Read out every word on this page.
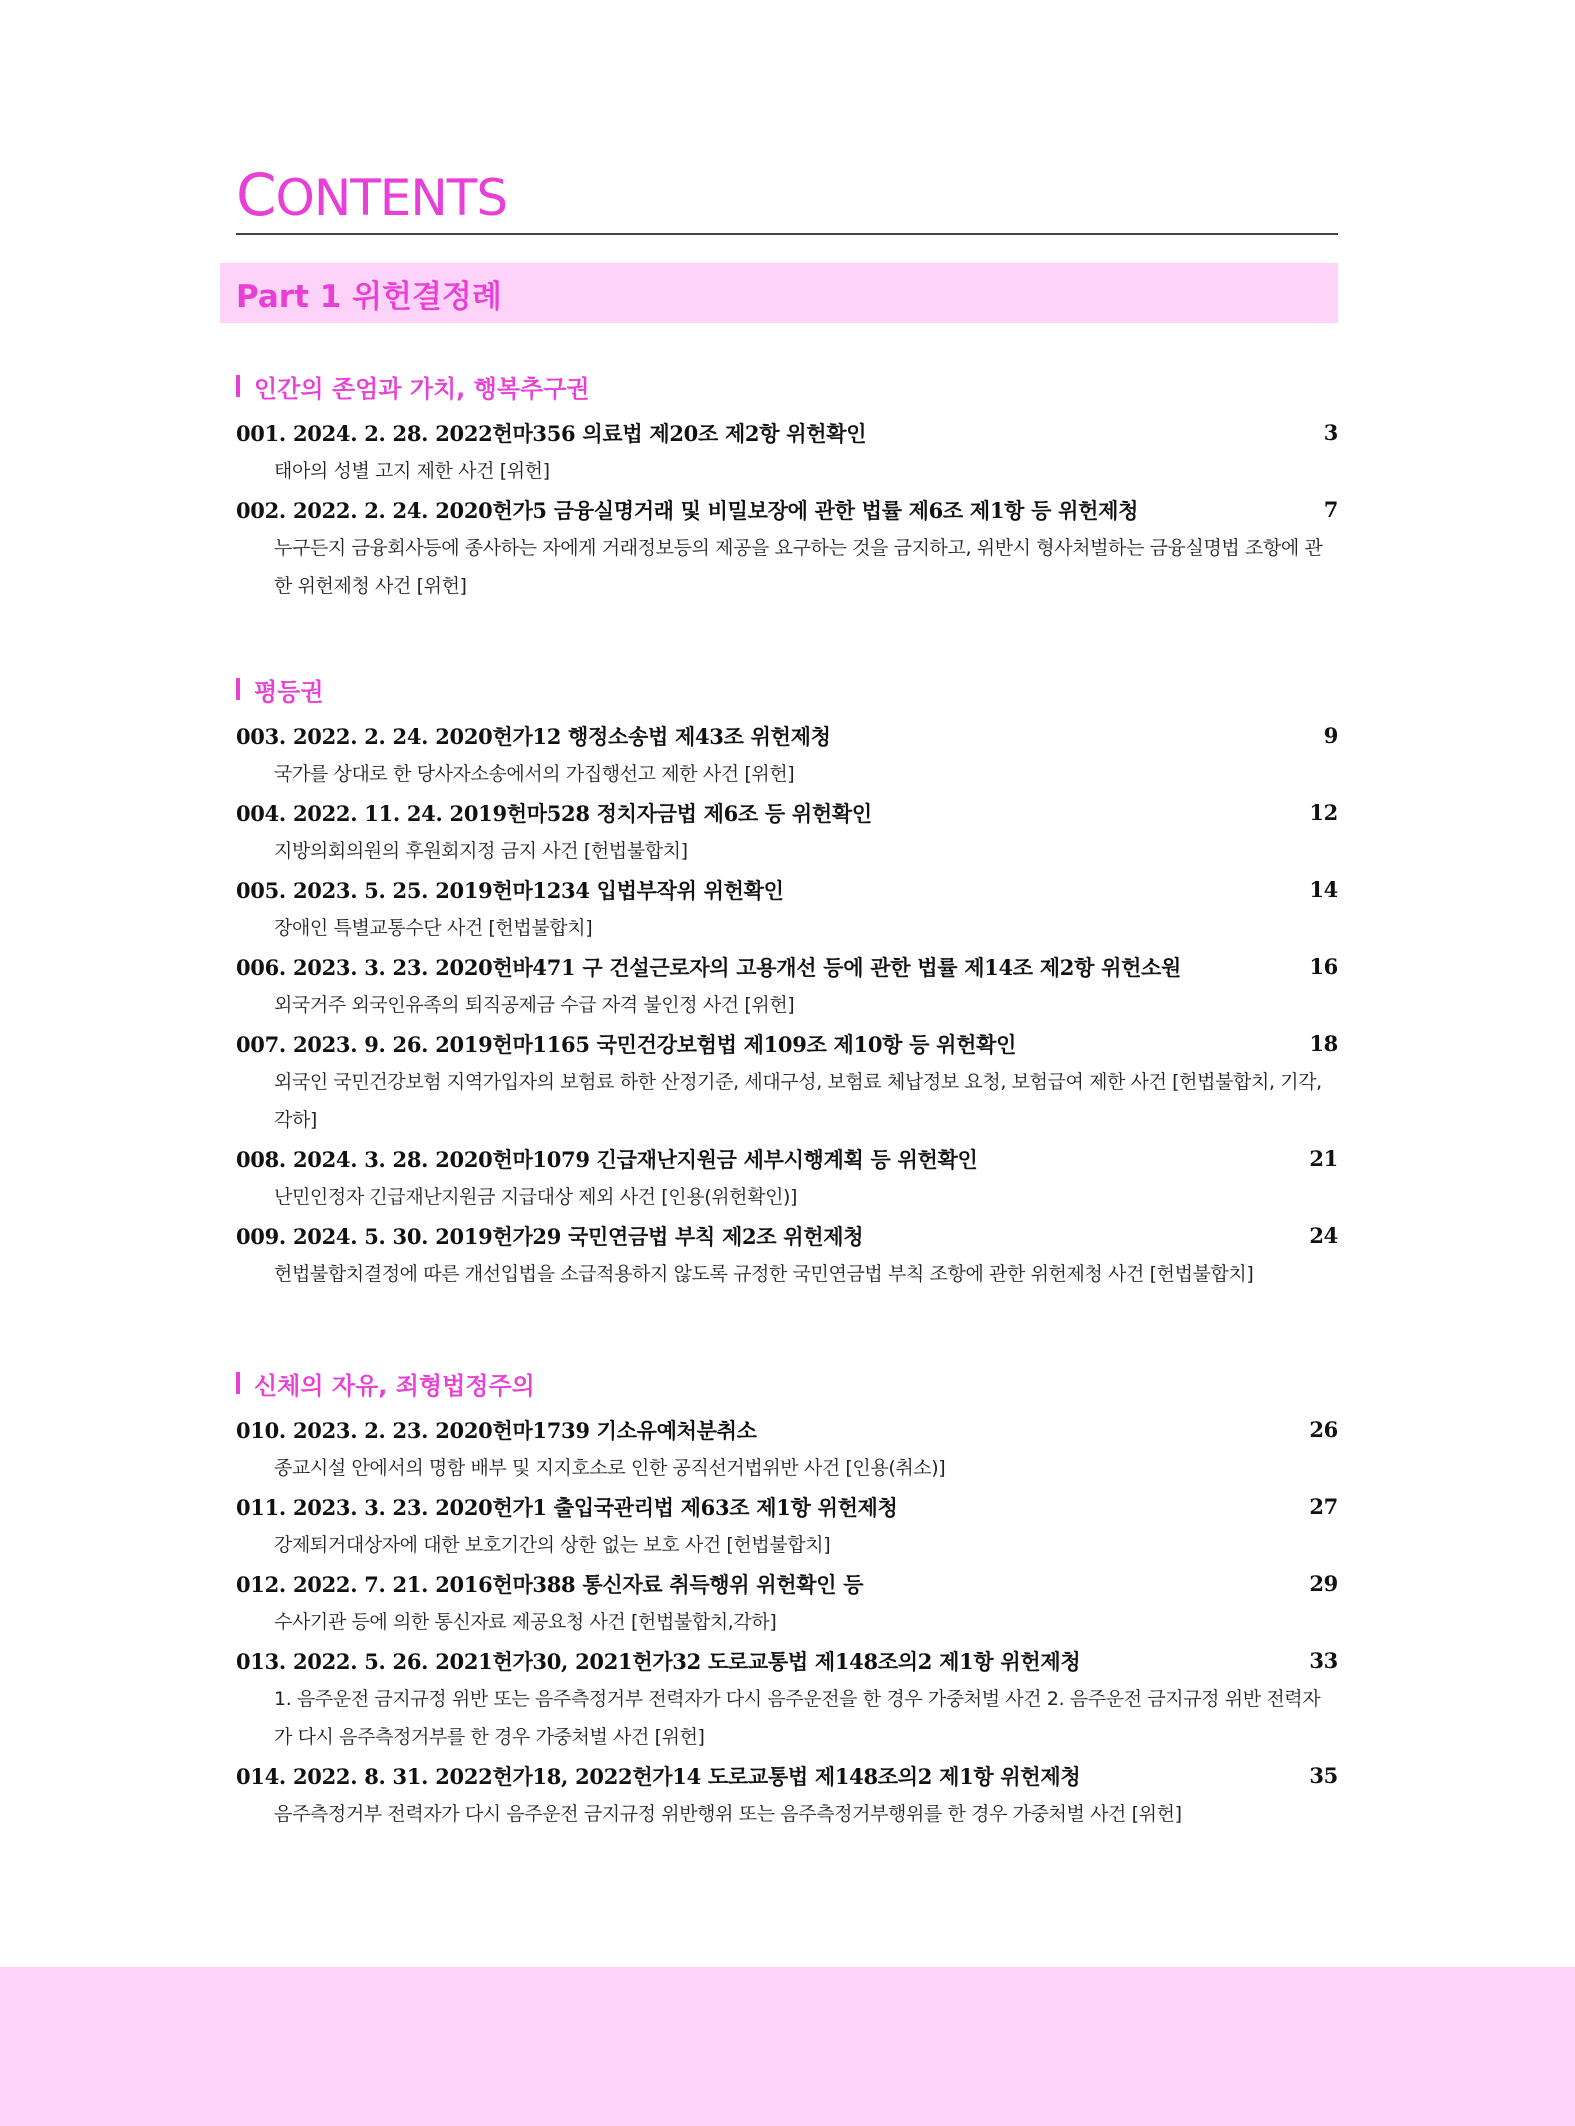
CONTENTS
Part 1 위헌결정례
인간의 존엄과 가치, 행복추구권
001. 2024. 2. 28. 2022헌마356 의료법 제20조 제2항 위헌확인	3
태아의 성별 고지 제한 사건 [위헌]
002. 2022. 2. 24. 2020헌가5 금융실명거래 및 비밀보장에 관한 법률 제6조 제1항 등 위헌제청	7
누구든지 금융회사등에 종사하는 자에게 거래정보등의 제공을 요구하는 것을 금지하고, 위반시 형사처벌하는 금융실명법 조항에 관한 위헌제청 사건 [위헌]
평등권
003. 2022. 2. 24. 2020헌가12 행정소송법 제43조 위헌제청	9
국가를 상대로 한 당사자소송에서의 가집행선고 제한 사건 [위헌]
004. 2022. 11. 24. 2019헌마528 정치자금법 제6조 등 위헌확인	12
지방의회의원의 후원회지정 금지 사건 [헌법불합치]
005. 2023. 5. 25. 2019헌마1234 입법부작위 위헌확인	14
장애인 특별교통수단 사건 [헌법불합치]
006. 2023. 3. 23. 2020헌바471 구 건설근로자의 고용개선 등에 관한 법률 제14조 제2항 위헌소원	16
외국거주 외국인유족의 퇴직공제금 수급 자격 불인정 사건 [위헌]
007. 2023. 9. 26. 2019헌마1165 국민건강보험법 제109조 제10항 등 위헌확인	18
외국인 국민건강보험 지역가입자의 보험료 하한 산정기준, 세대구성, 보험료 체납정보 요청, 보험급여 제한 사건 [헌법불합치, 기각, 각하]
008. 2024. 3. 28. 2020헌마1079 긴급재난지원금 세부시행계획 등 위헌확인	21
난민인정자 긴급재난지원금 지급대상 제외 사건 [인용(위헌확인)]
009. 2024. 5. 30. 2019헌가29 국민연금법 부칙 제2조 위헌제청	24
헌법불합치결정에 따른 개선입법을 소급적용하지 않도록 규정한 국민연금법 부칙 조항에 관한 위헌제청 사건 [헌법불합치]
신체의 자유, 죄형법정주의
010. 2023. 2. 23. 2020헌마1739 기소유예처분취소	26
종교시설 안에서의 명함 배부 및 지지호소로 인한 공직선거법위반 사건 [인용(취소)]
011. 2023. 3. 23. 2020헌가1 출입국관리법 제63조 제1항 위헌제청	27
강제퇴거대상자에 대한 보호기간의 상한 없는 보호 사건 [헌법불합치]
012. 2022. 7. 21. 2016헌마388 통신자료 취득행위 위헌확인 등	29
수사기관 등에 의한 통신자료 제공요청 사건 [헌법불합치,각하]
013. 2022. 5. 26. 2021헌가30, 2021헌가32 도로교통법 제148조의2 제1항 위헌제청	33
1. 음주운전 금지규정 위반 또는 음주측정거부 전력자가 다시 음주운전을 한 경우 가중처벌 사건 2. 음주운전 금지규정 위반 전력자가 다시 음주측정거부를 한 경우 가중처벌 사건 [위헌]
014. 2022. 8. 31. 2022헌가18, 2022헌가14 도로교통법 제148조의2 제1항 위헌제청	35
음주측정거부 전력자가 다시 음주운전 금지규정 위반행위 또는 음주측정거부행위를 한 경우 가중처벌 사건 [위헌]
